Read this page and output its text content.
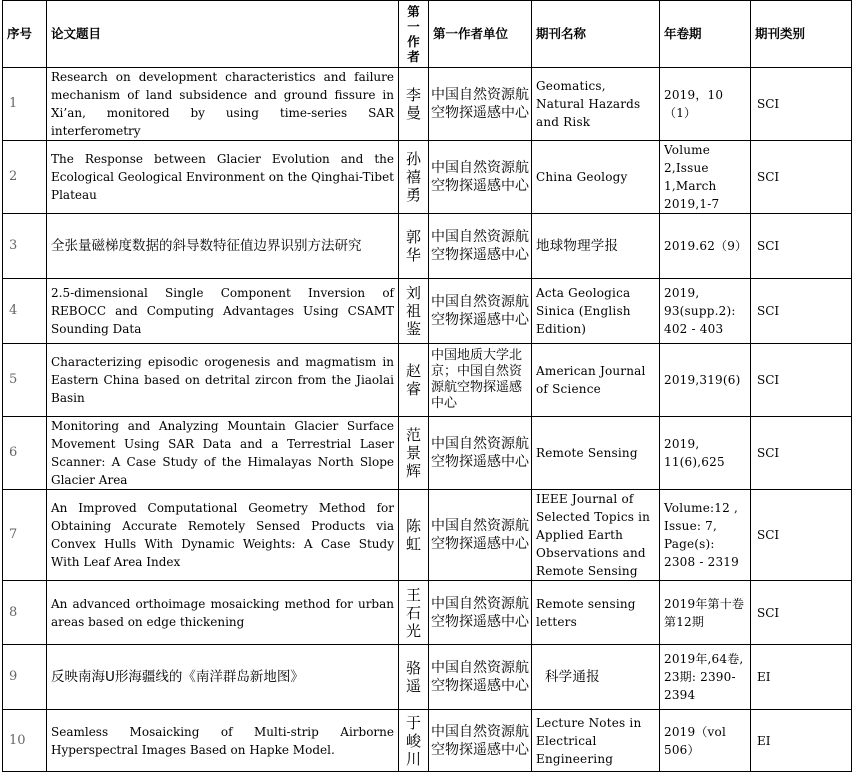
序号	论文题目	第一作者	第一作者单位	期刊名称	年卷期	期刊类别
1	Research on development characteristics and failure mechanism of land subsidence and ground fissure in Xi’an, monitored by using time-series SAR interferometry	李曼	中国自然资源航空物探遥感中心	Geomatics, Natural Hazards and Risk	2019，10（1）	SCI
2	The Response between Glacier Evolution and the Ecological Geological Environment on the Qinghai-Tibet Plateau	孙禧勇	中国自然资源航空物探遥感中心	China Geology	Volume 2,Issue 1,March 2019,1-7	SCI
3	全张量磁梯度数据的斜导数特征值边界识别方法研究	郭华	中国自然资源航空物探遥感中心	地球物理学报	2019.62（9）	SCI
4	2.5-dimensional Single Component Inversion of REBOCC and Computing Advantages Using CSAMT Sounding Data	刘祖鉴	中国自然资源航空物探遥感中心	Acta Geologica Sinica (English Edition)	2019, 93(supp.2): 402 - 403	SCI
5	Characterizing episodic orogenesis and magmatism in Eastern China based on detrital zircon from the Jiaolai Basin	赵睿	中国地质大学北京；中国自然资源航空物探遥感中心	American Journal of Science	2019,319(6)	SCI
6	Monitoring and Analyzing Mountain Glacier Surface Movement Using SAR Data and a Terrestrial Laser Scanner: A Case Study of the Himalayas North Slope Glacier Area	范景辉	中国自然资源航空物探遥感中心	Remote Sensing	2019, 11(6),625	SCI
7	An Improved Computational Geometry Method for Obtaining Accurate Remotely Sensed Products via Convex Hulls With Dynamic Weights: A Case Study With Leaf Area Index	陈虹	中国自然资源航空物探遥感中心	IEEE Journal of Selected Topics in Applied Earth Observations and Remote Sensing	Volume:12 , Issue: 7, Page(s): 2308 - 2319	SCI
8	An advanced orthoimage mosaicking method for urban areas based on edge thickening	王石光	中国自然资源航空物探遥感中心	Remote sensing letters	2019年第十卷 第12期	SCI
9	反映南海U形海疆线的《南洋群岛新地图》	骆遥	中国自然资源航空物探遥感中心	科学通报	2019年,64卷, 23期: 2390-2394	EI
10	Seamless Mosaicking of Multi-strip Airborne Hyperspectral Images Based on Hapke Model.	于峻川	中国自然资源航空物探遥感中心	Lecture Notes in Electrical Engineering	2019（vol 506）	EI
